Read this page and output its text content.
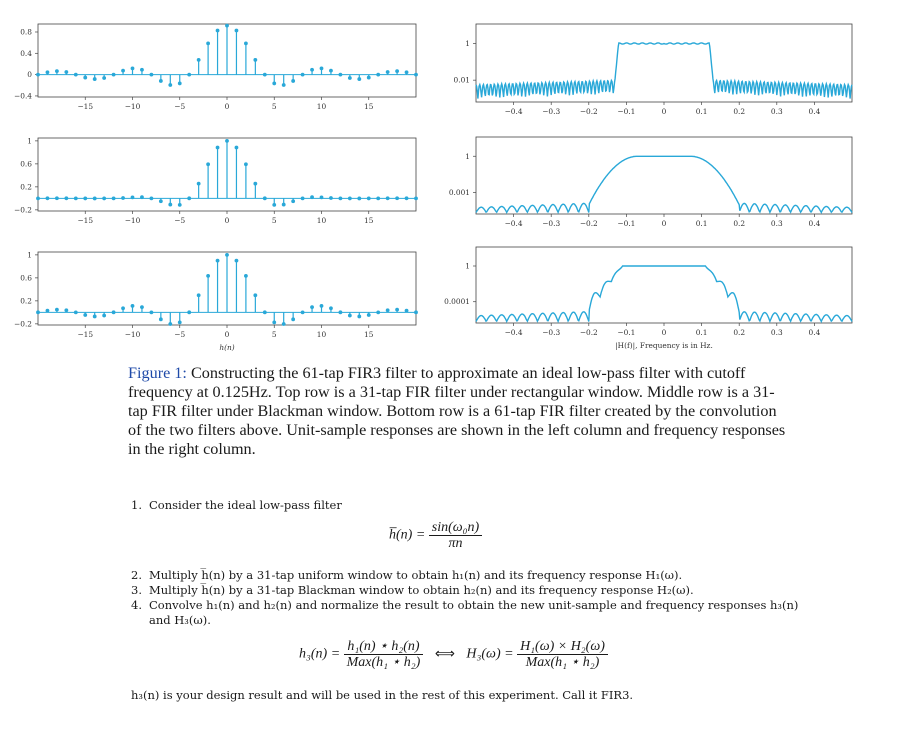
0.8
0.4
0
−0.4
−15	−10	−5	0	5	10	15
1
0.01
−0.4	−0.3	−0.2	−0.1	0	0.1	0.2	0.3	0.4
1
0.6
0.2
−0.2
−15	−10	−5	0	5	10	15
1
0.001
−0.4	−0.3	−0.2	−0.1	0	0.1	0.2	0.3	0.4
1
0.6
0.2
−0.2
−15	−10	−5	0	5	10	15
h(n)
1
0.0001
−0.4	−0.3	−0.2	−0.1	0	0.1	0.2	0.3	0.4
|H(f)|, Frequency is in Hz.
Figure 1: Constructing the 61-tap FIR3 filter to approximate an ideal low-pass filter with cutoff frequency at 0.125Hz. Top row is a 31-tap FIR filter under rectangular window. Middle row is a 31-tap FIR filter under Blackman window. Bottom row is a 61-tap FIR filter created by the convolution of the two filters above. Unit-sample responses are shown in the left column and frequency responses in the right column.
1. Consider the ideal low-pass filter
h̅(n) = $\frac{\text{sin(ω₀n)}}{\pi n}$
2. Multiply h̅(n) by a 31-tap uniform window to obtain h₁(n) and its frequency response H₁(ω).
3. Multiply h̅(n) by a 31-tap Blackman window to obtain h₂(n) and its frequency response H₂(ω).
4. Convolve h₁(n) and h₂(n) and normalize the result to obtain the new unit-sample and frequency responses h₃(n)
and H₃(ω).
$h_3(n) = \frac{\text{h₁(n) ⋆ h₂(n)}}{\text{Max(h₁ ⋆ h₂)}}$ ⟺ $H_3(\omega) = \frac{\text{H₁(ω) × H₂(ω)}}{\text{Max(h₁ ⋆ h₂)}}$
h₃(n) is your design result and will be used in the rest of this experiment. Call it FIR3.
